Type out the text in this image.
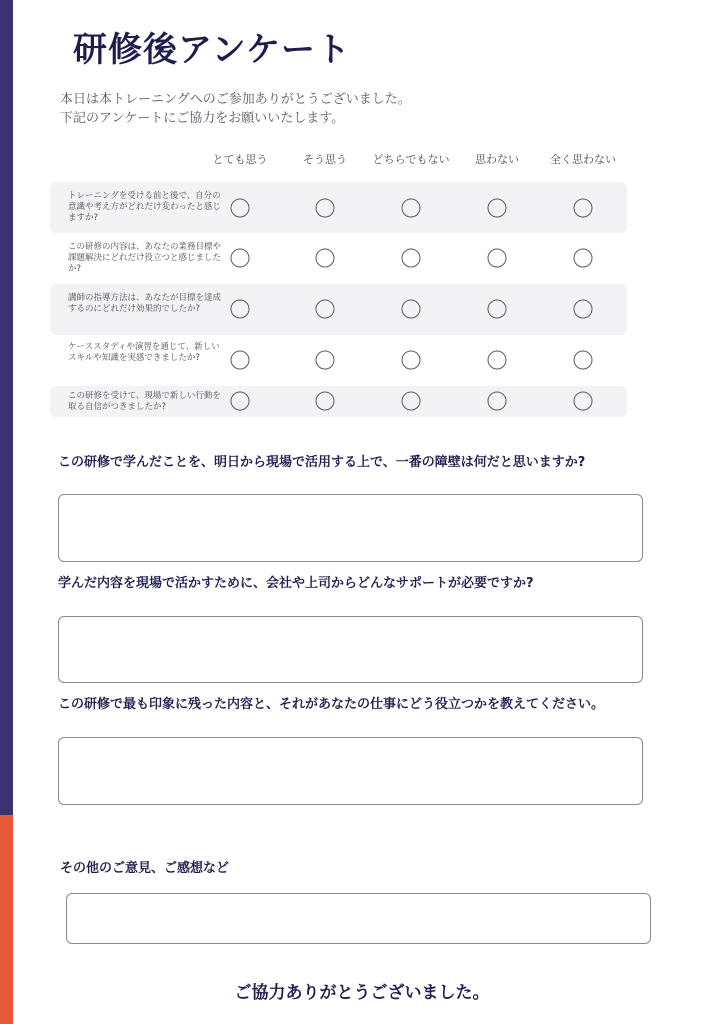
研修後アンケート
本日は本トレーニングへのご参加ありがとうございました。
下記のアンケートにご協力をお願いいたします。
とても思う	そう思う どちらでもない 思わない	全く思わない
トレーニングを受ける前と後で、自分の意識や考え方がどれだけ変わったと感じますか?
この研修の内容は、あなたの業務目標や課題解決にどれだけ役立つと感じましたか?
講師の指導方法は、あなたが目標を達成するのにどれだけ効果的でしたか?
ケーススタディや演習を通じて、新しいスキルや知識を実感できましたか?
この研修を受けて、現場で新しい行動を取る自信がつきましたか?
この研修で学んだことを、明日から現場で活用する上で、一番の障壁は何だと思いますか?
学んだ内容を現場で活かすために、会社や上司からどんなサポートが必要ですか?
この研修で最も印象に残った内容と、それがあなたの仕事にどう役立つかを教えてください。
その他のご意見、ご感想など
ご協力ありがとうございました。
